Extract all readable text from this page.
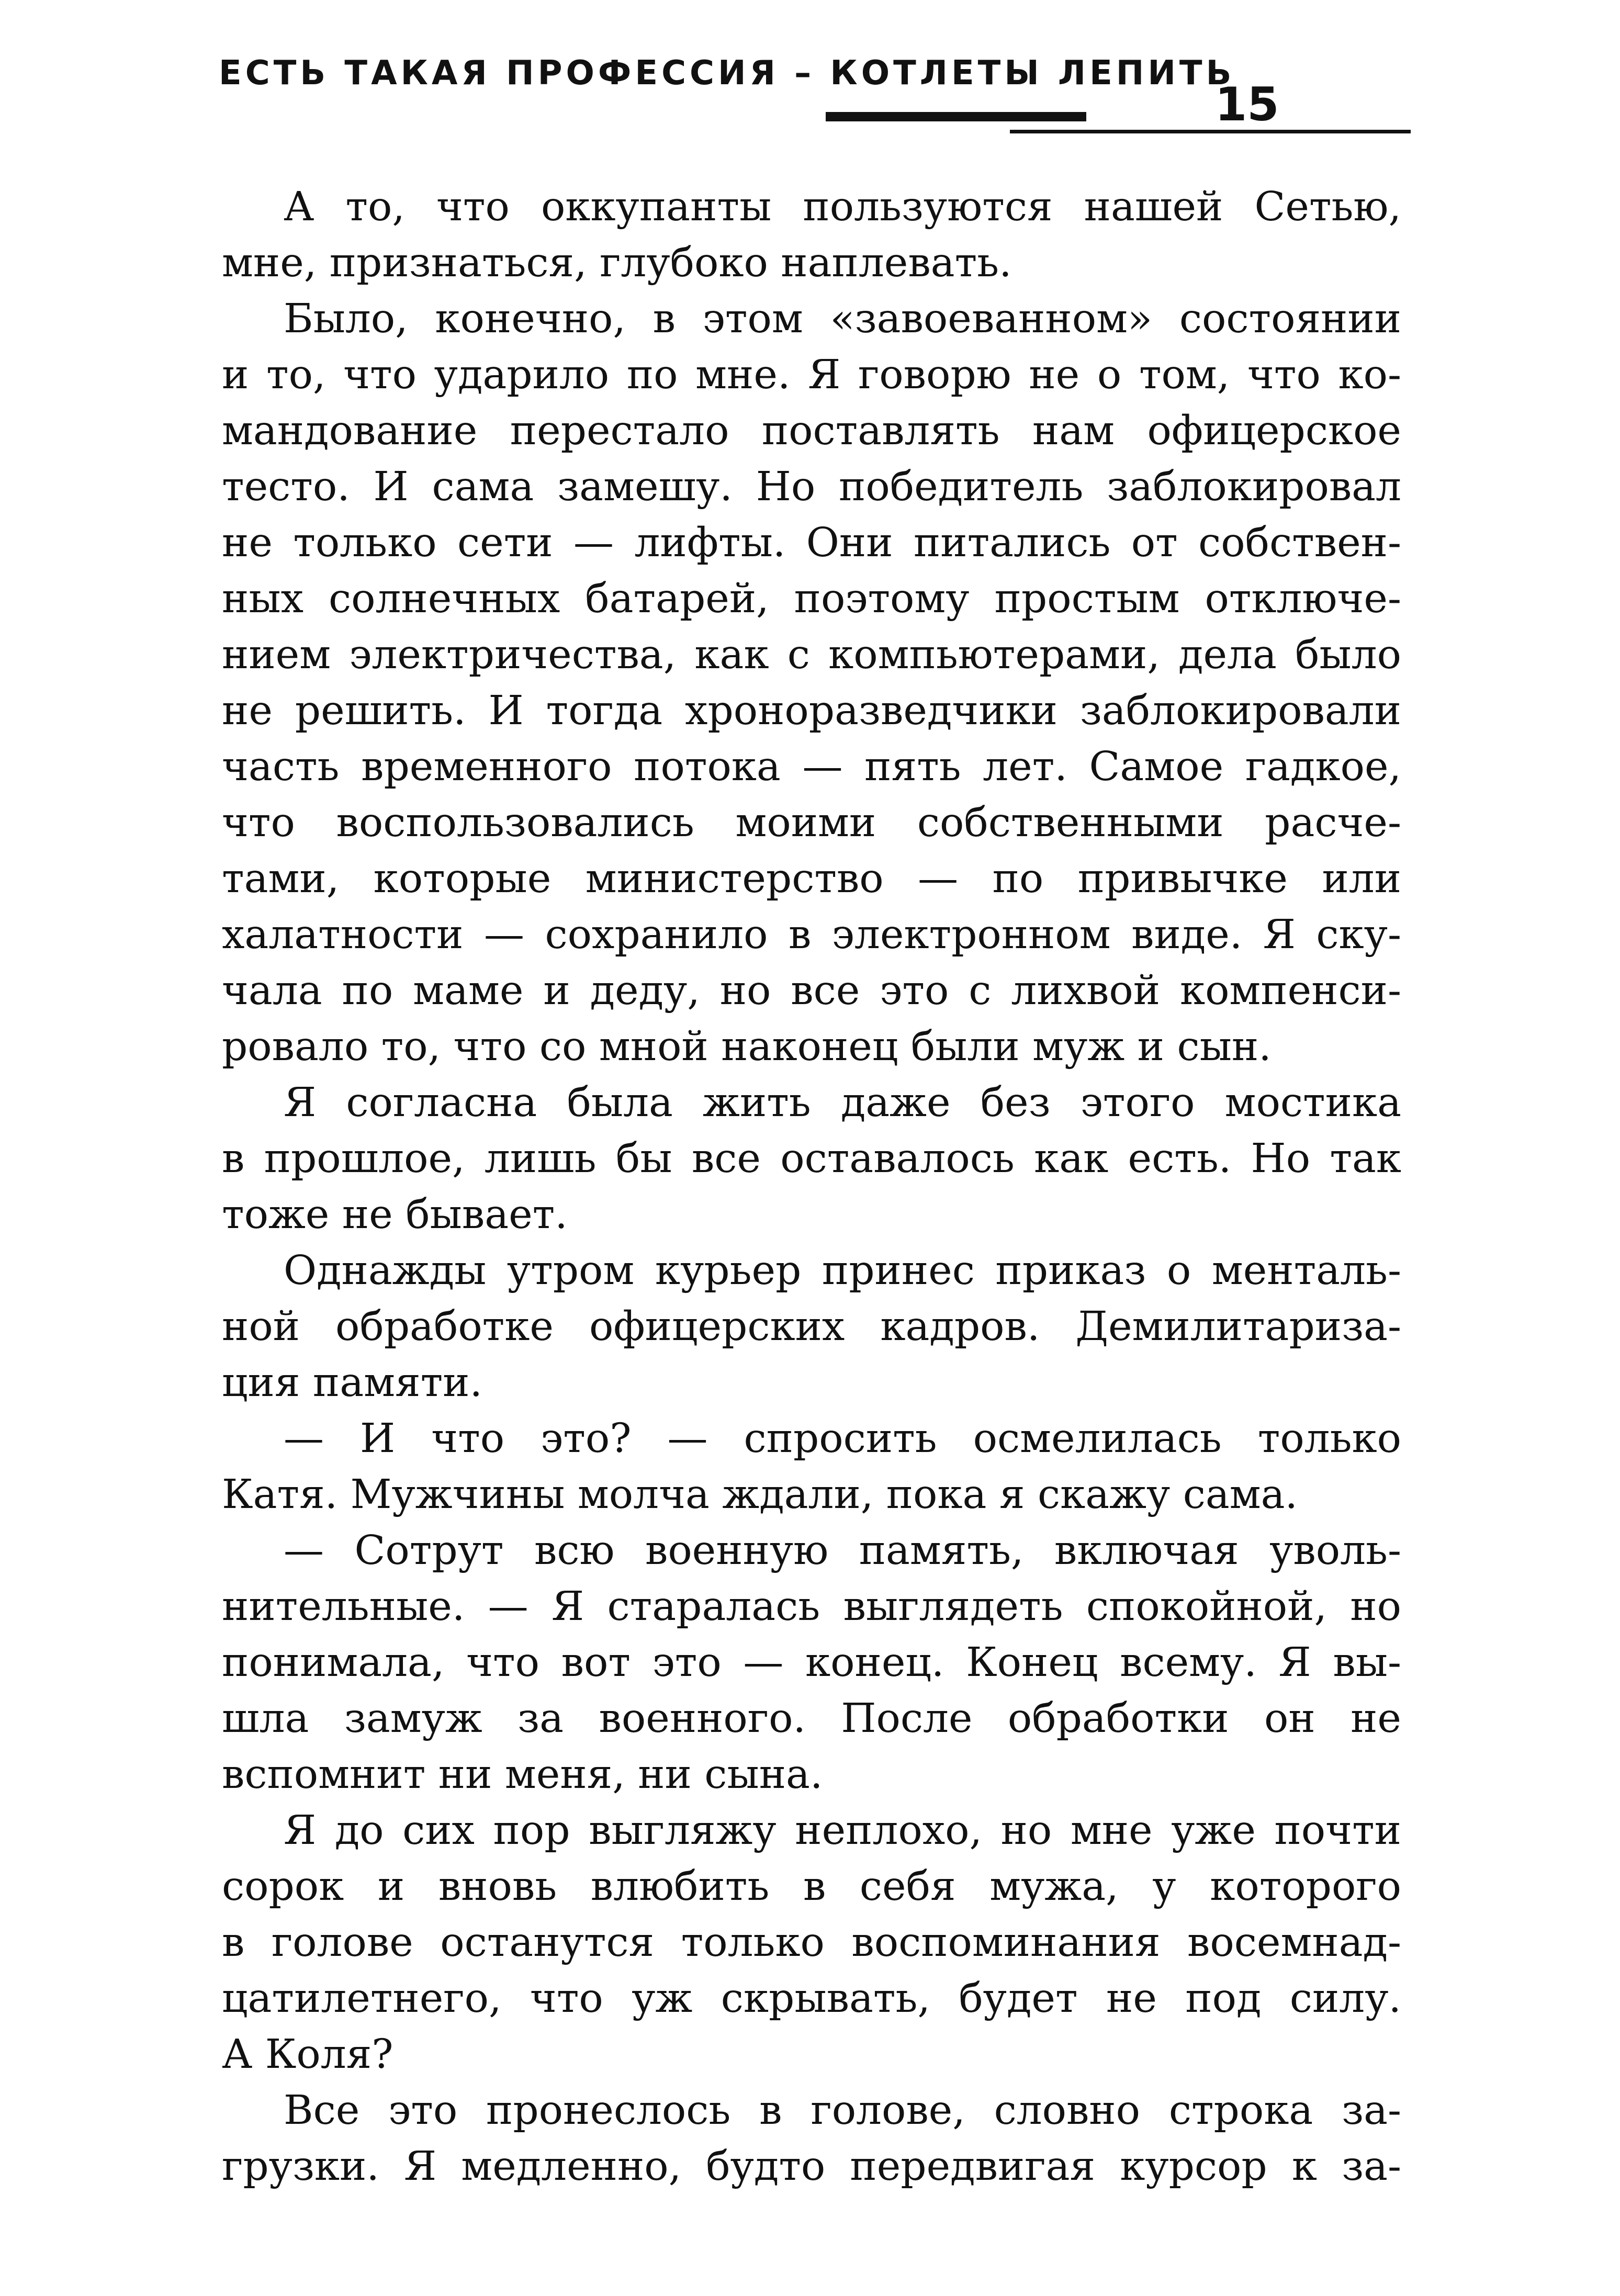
ЕСТЬ ТАКАЯ ПРОФЕССИЯ – КОТЛЕТЫ ЛЕПИТЬ
15
А то, что оккупанты пользуются нашей Сетью,
мне, признаться, глубоко наплевать.
Было, конечно, в этом «завоеванном» состоянии
и то, что ударило по мне. Я говорю не о том, что ко-
мандование перестало поставлять нам офицерское
тесто. И сама замешу. Но победитель заблокировал
не только сети — лифты. Они питались от собствен-
ных солнечных батарей, поэтому простым отключе-
нием электричества, как с компьютерами, дела было
не решить. И тогда хроноразведчики заблокировали
часть временного потока — пять лет. Самое гадкое,
что воспользовались моими собственными расче-
тами, которые министерство — по привычке или
халатности — сохранило в электронном виде. Я ску-
чала по маме и деду, но все это с лихвой компенси-
ровало то, что со мной наконец были муж и сын.
Я согласна была жить даже без этого мостика
в прошлое, лишь бы все оставалось как есть. Но так
тоже не бывает.
Однажды утром курьер принес приказ о менталь-
ной обработке офицерских кадров. Демилитариза-
ция памяти.
— И что это? — спросить осмелилась только
Катя. Мужчины молча ждали, пока я скажу сама.
— Сотрут всю военную память, включая уволь-
нительные. — Я старалась выглядеть спокойной, но
понимала, что вот это — конец. Конец всему. Я вы-
шла замуж за военного. После обработки он не
вспомнит ни меня, ни сына.
Я до сих пор выгляжу неплохо, но мне уже почти
сорок и вновь влюбить в себя мужа, у которого
в голове останутся только воспоминания восемнад-
цатилетнего, что уж скрывать, будет не под силу.
А Коля?
Все это пронеслось в голове, словно строка за-
грузки. Я медленно, будто передвигая курсор к за-
